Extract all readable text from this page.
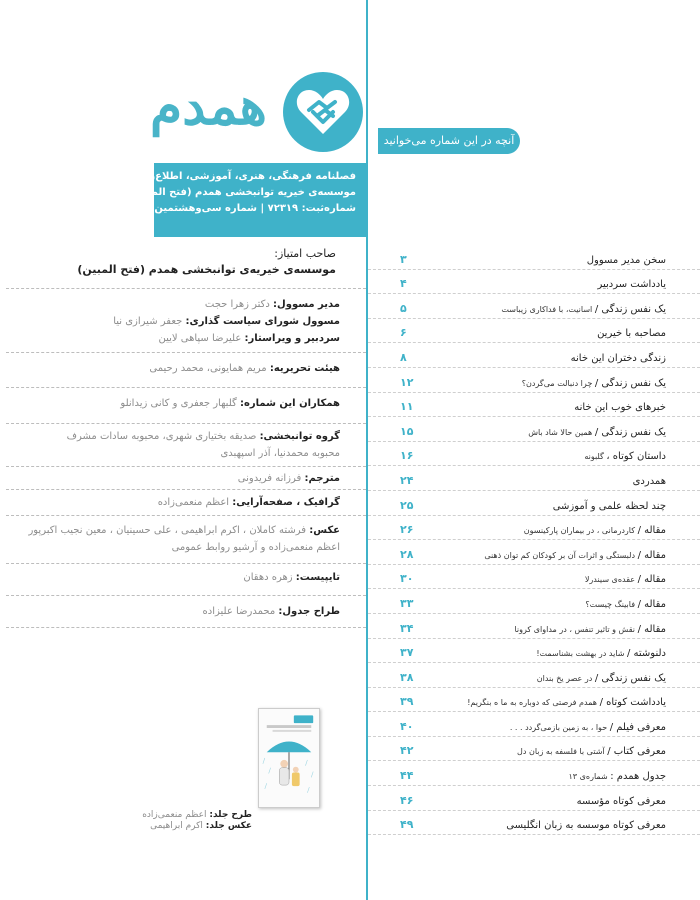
همدم
فصلنامه فرهنگی، هنری، آموزشی، اطلاع‌رسانی
موسسه‌ی خیریه توانبخشی همدم (فتح المبین)
شماره‌ثبت: ۷۲۳۱۹ | شماره سی‌وهشتمین | زمستان ۱۳۹۹
صاحب امتیاز:
موسسه‌ی خیریه‌ی توانبخشی همدم (فتح المبین)
مدیر مسوول: دکتر زهرا حجت
مسوول شورای سیاست گذاری: جعفر شیرازی نیا
سردبیر و ویراستار: علیرضا سپاهی لایین
هیئت تحریریه: مریم همایونی، محمد رحیمی
همکاران این شماره: گلبهار جعفری و کانی زیدانلو
گروه توانبخشی: صدیقه بختیاری شهری، محبوبه سادات مشرف
محبوبه محمدنیا، آذر اسپهبدی
مترجم: فرزانه فریدونی
گرافیک ، صفحه‌آرایی: اعظم منعمی‌زاده
عکس: فرشته کاملان ، اکرم ابراهیمی ، علی حسینیان ، معین نجیب اکبرپور
اعظم منعمی‌زاده و آرشیو روابط عمومی
تایپیست: زهره دهقان
طراح جدول: محمدرضا علیزاده
طرح جلد: اعظم منعمی‌زاده
عکس جلد: اکرم ابراهیمی
آنچه در این شماره می‌خوانید
سخن مدیر مسوول
۳
یادداشت سردبیر
۴
یک نفس زندگی / اسانیت، با فداکاری زیباست
۵
مصاحبه با خیرین
۶
زندگی دختران این خانه
۸
یک نفس زندگی / چرا دنبالت می‌گردن؟
۱۲
خبرهای خوب این خانه
۱۱
یک نفس زندگی / همین حالا شاد باش
۱۵
داستان کوتاه ، گلبونه
۱۶
همدردی
۲۴
چند لحظه علمی و آموزشی
۲۵
مقاله / کاردرمانی ، در بیماران پارکینسون
۲۶
مقاله / دلبستگی و اثرات آن بر کودکان کم توان ذهنی
۲۸
مقاله / عقده‌ی سیندرلا
۳۰
مقاله / فابینگ چیست؟
۳۳
مقاله / نقش و تاثیر تنفس ، در مداوای کرونا
۳۴
دلنوشته / شاید در بهشت بشناسمت!
۳۷
یک نفس زندگی / در عصر یخ بندان
۳۸
یادداشت کوتاه / همدم فرصتی که دوباره به ما ه بنگریم!
۳۹
معرفی فیلم / حوا ، به زمین بازمی‌گردد . . .
۴۰
معرفی کتاب / آشتی با فلسفه به زبان دل
۴۲
جدول همدم : شماره‌ی ۱۳
۴۴
معرفی کوتاه مؤسسه
۴۶
معرفی کوتاه موسسه به زبان انگلیسی
۴۹
